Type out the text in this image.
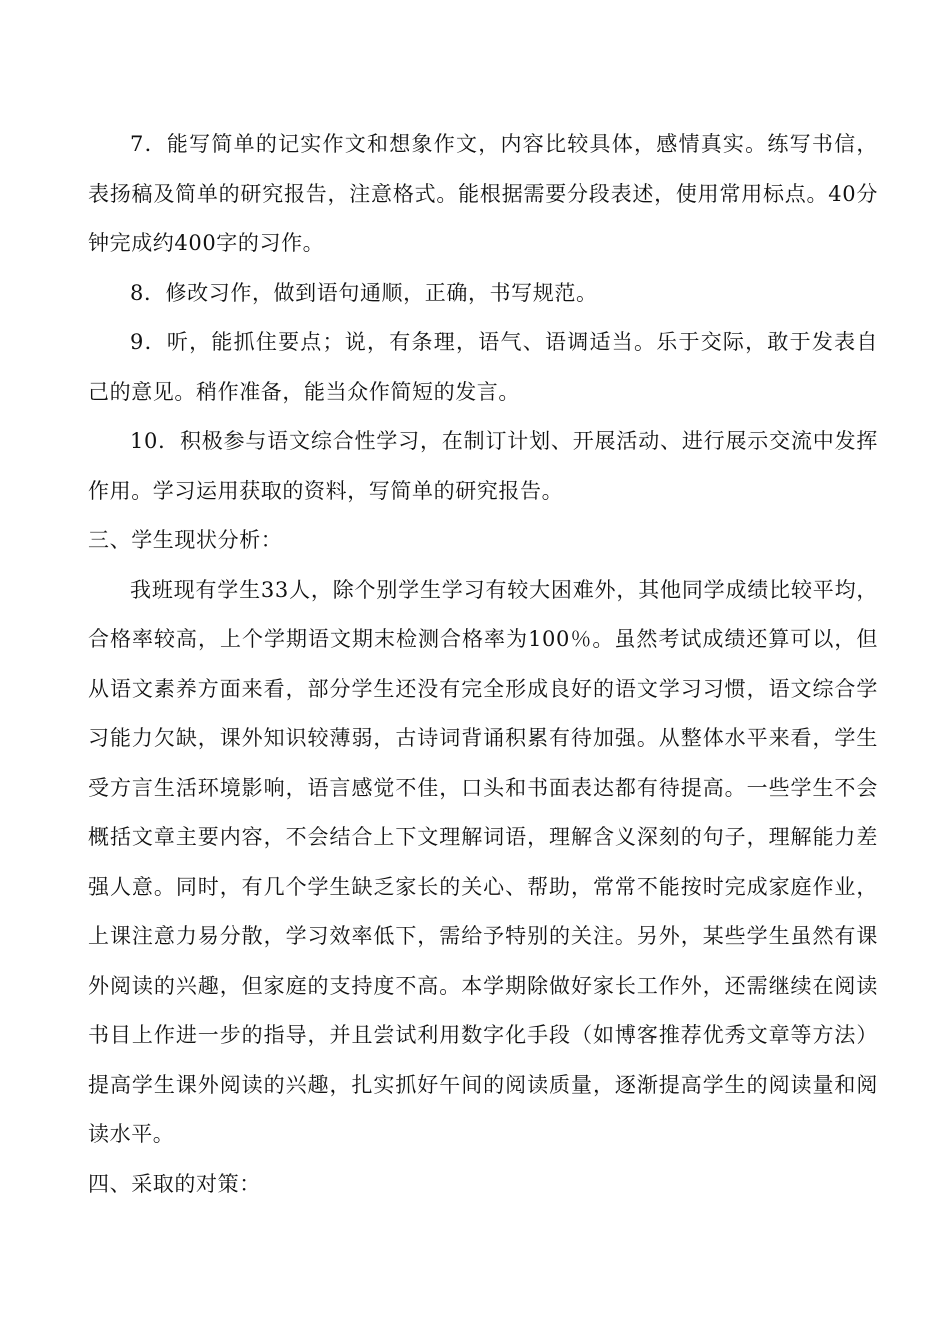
7．能写简单的记实作文和想象作文，内容比较具体，感情真实。练写书信，表扬稿及简单的研究报告，注意格式。能根据需要分段表述，使用常用标点。40分钟完成约400字的习作。

8．修改习作，做到语句通顺，正确，书写规范。

9．听，能抓住要点；说，有条理，语气、语调适当。乐于交际，敢于发表自己的意见。稍作准备，能当众作简短的发言。

10．积极参与语文综合性学习，在制订计划、开展活动、进行展示交流中发挥作用。学习运用获取的资料，写简单的研究报告。

三、学生现状分析：

我班现有学生33人，除个别学生学习有较大困难外，其他同学成绩比较平均，合格率较高，上个学期语文期末检测合格率为100％。虽然考试成绩还算可以，但从语文素养方面来看，部分学生还没有完全形成良好的语文学习习惯，语文综合学习能力欠缺，课外知识较薄弱，古诗词背诵积累有待加强。从整体水平来看，学生受方言生活环境影响，语言感觉不佳，口头和书面表达都有待提高。一些学生不会概括文章主要内容，不会结合上下文理解词语，理解含义深刻的句子，理解能力差强人意。同时，有几个学生缺乏家长的关心、帮助，常常不能按时完成家庭作业，上课注意力易分散，学习效率低下，需给予特别的关注。另外，某些学生虽然有课外阅读的兴趣，但家庭的支持度不高。本学期除做好家长工作外，还需继续在阅读书目上作进一步的指导，并且尝试利用数字化手段（如博客推荐优秀文章等方法）提高学生课外阅读的兴趣，扎实抓好午间的阅读质量，逐渐提高学生的阅读量和阅读水平。

四、采取的对策：
